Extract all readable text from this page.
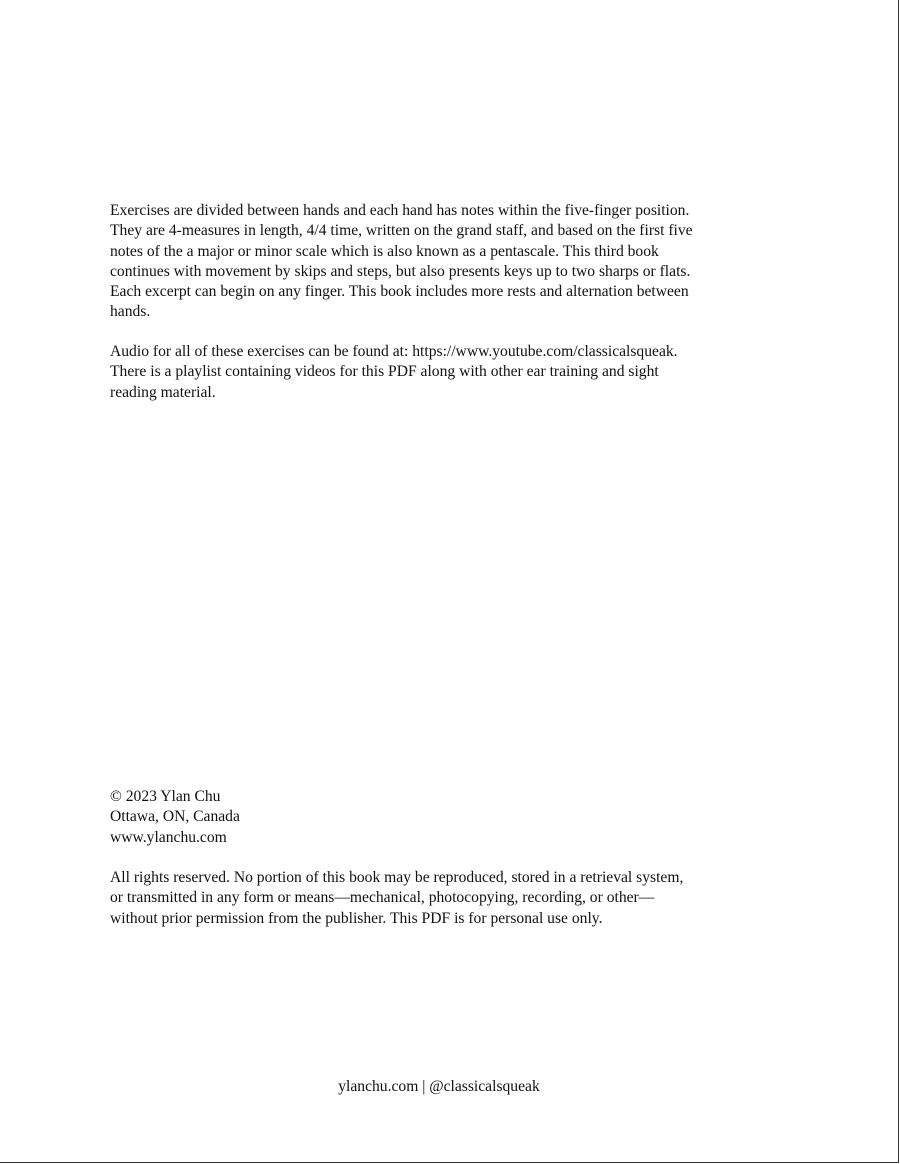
Exercises are divided between hands and each hand has notes within the five-finger position.
They are 4-measures in length, 4/4 time, written on the grand staff, and based on the first five
notes of the a major or minor scale which is also known as a pentascale. This third book
continues with movement by skips and steps, but also presents keys up to two sharps or flats.
Each excerpt can begin on any finger. This book includes more rests and alternation between
hands.
Audio for all of these exercises can be found at: https://www.youtube.com/classicalsqueak.
There is a playlist containing videos for this PDF along with other ear training and sight
reading material.
© 2023 Ylan Chu
Ottawa, ON, Canada
www.ylanchu.com
All rights reserved. No portion of this book may be reproduced, stored in a retrieval system,
or transmitted in any form or means—mechanical, photocopying, recording, or other—
without prior permission from the publisher. This PDF is for personal use only.
ylanchu.com | @classicalsqueak
